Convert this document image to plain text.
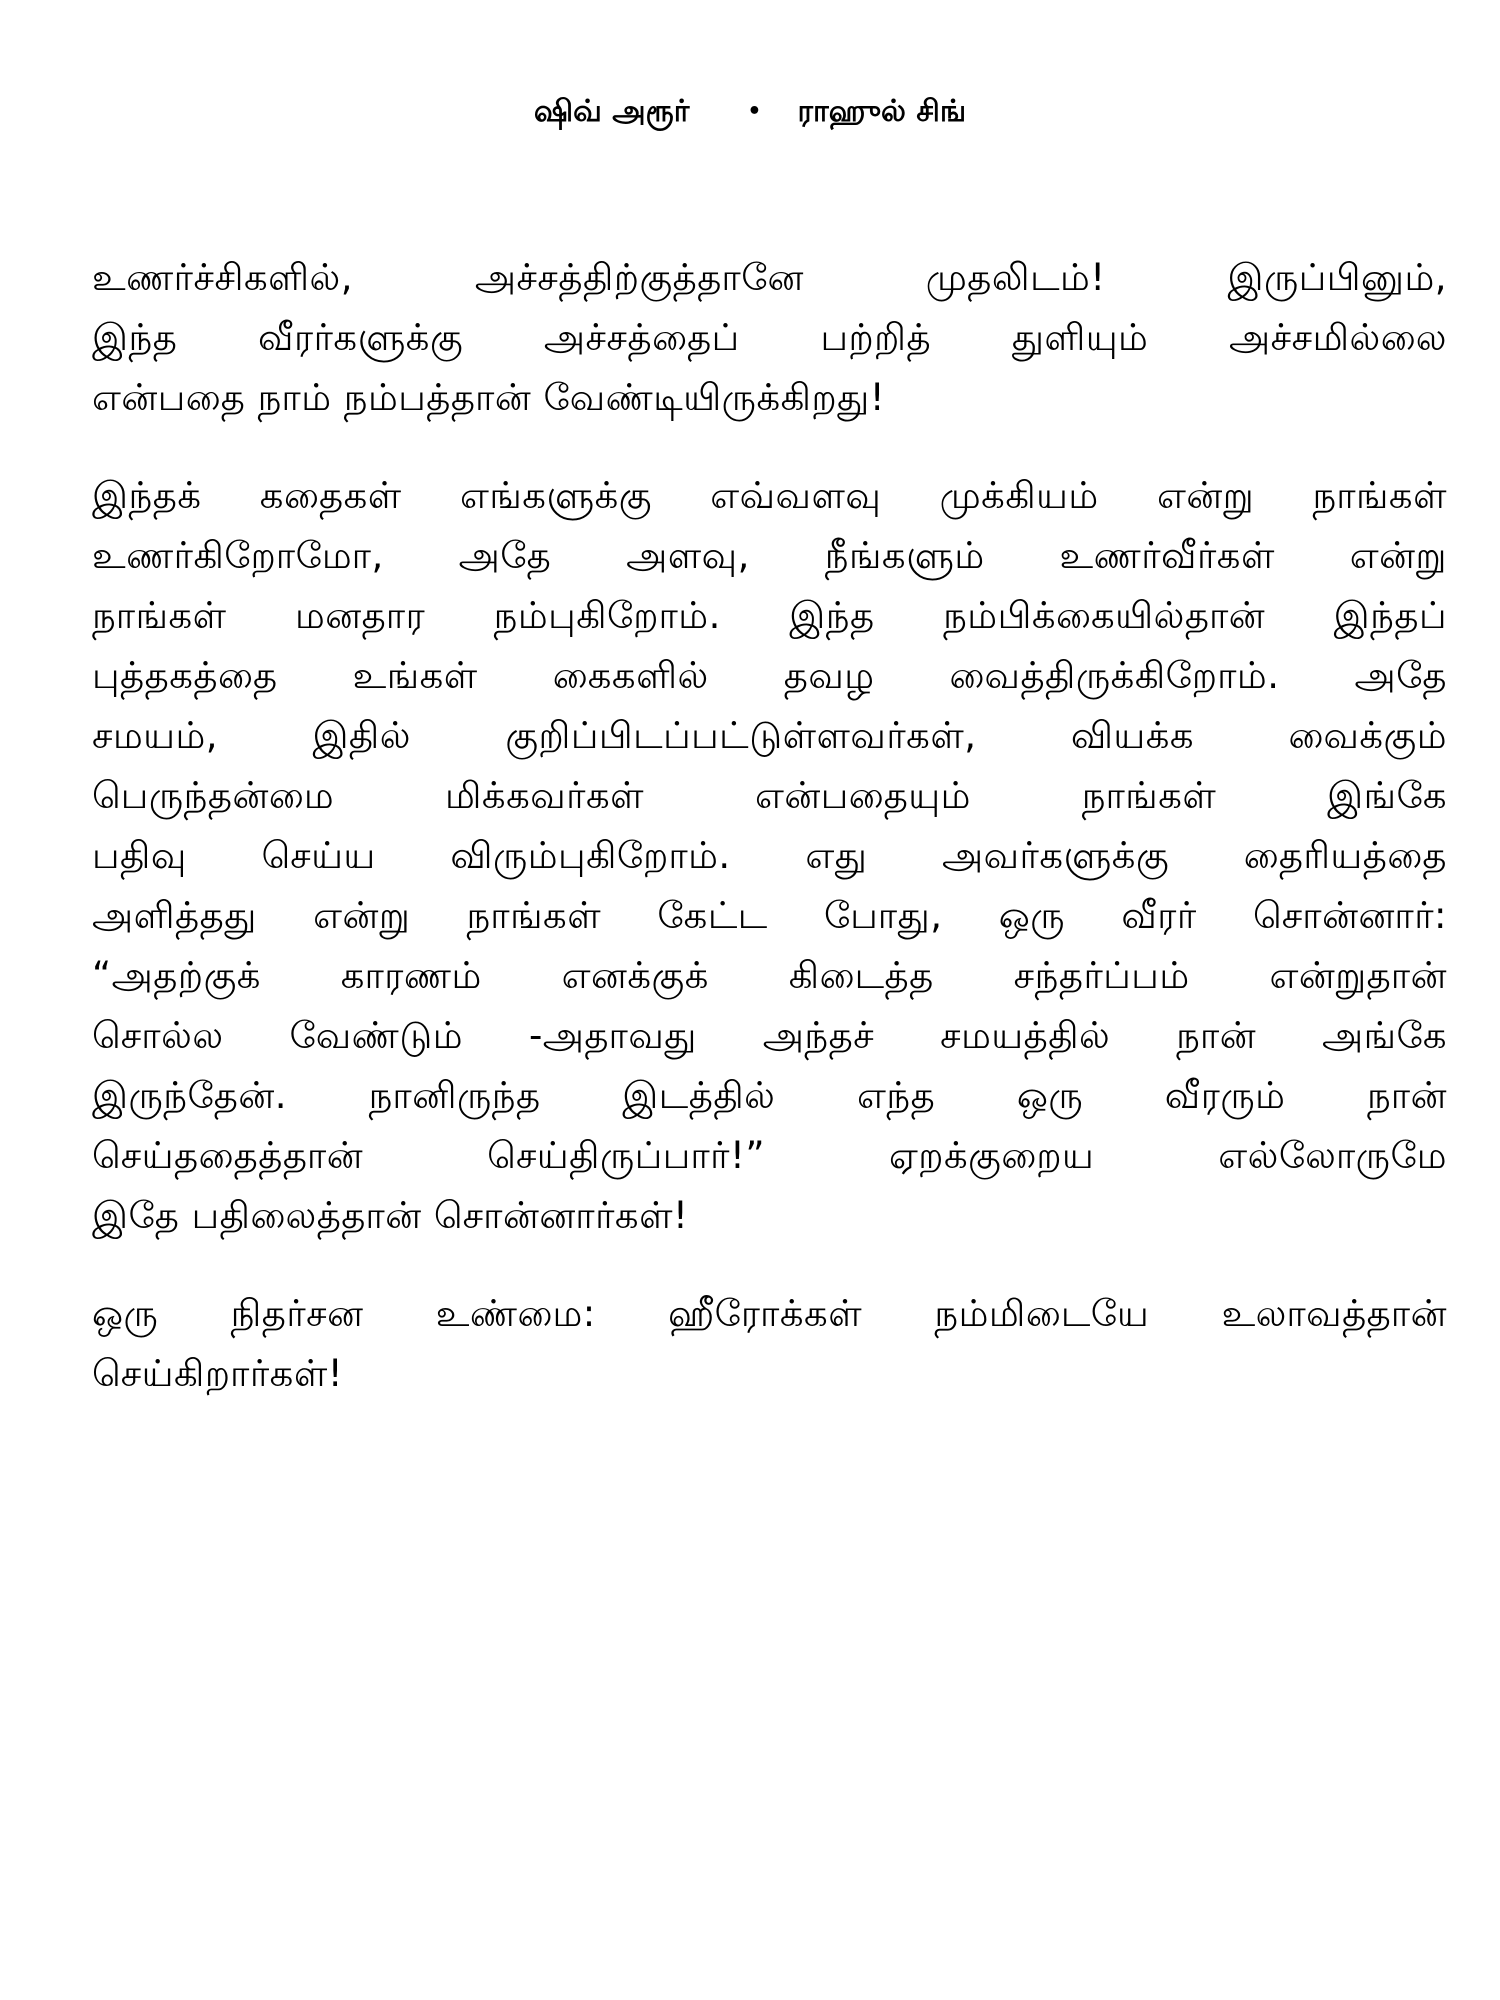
ஷிவ் அரூர்	• ராஹுல் சிங்
உணர்ச்சிகளில், அச்சத்திற்குத்தானே முதலிடம்! இருப்பினும்,
இந்த வீரர்களுக்கு அச்சத்தைப் பற்றித் துளியும் அச்சமில்லை
என்பதை நாம் நம்பத்தான் வேண்டியிருக்கிறது!
இந்தக் கதைகள் எங்களுக்கு எவ்வளவு முக்கியம் என்று நாங்கள்
உணர்கிறோமோ, அதே அளவு, நீங்களும் உணர்வீர்கள் என்று
நாங்கள் மனதார நம்புகிறோம். இந்த நம்பிக்கையில்தான் இந்தப்
புத்தகத்தை உங்கள் கைகளில் தவழ வைத்திருக்கிறோம். அதே
சமயம், இதில் குறிப்பிடப்பட்டுள்ளவர்கள், வியக்க வைக்கும்
பெருந்தன்மை மிக்கவர்கள் என்பதையும் நாங்கள் இங்கே
பதிவு செய்ய விரும்புகிறோம். எது அவர்களுக்கு தைரியத்தை
அளித்தது என்று நாங்கள் கேட்ட போது, ஒரு வீரர் சொன்னார்:
“அதற்குக் காரணம் எனக்குக் கிடைத்த சந்தர்ப்பம் என்றுதான்
சொல்ல வேண்டும் -அதாவது அந்தச் சமயத்தில் நான் அங்கே
இருந்தேன். நானிருந்த இடத்தில் எந்த ஒரு வீரரும் நான்
செய்ததைத்தான் செய்திருப்பார்!” ஏறக்குறைய எல்லோருமே
இதே பதிலைத்தான் சொன்னார்கள்!
ஒரு நிதர்சன உண்மை: ஹீரோக்கள் நம்மிடையே உலாவத்தான்
செய்கிறார்கள்!
